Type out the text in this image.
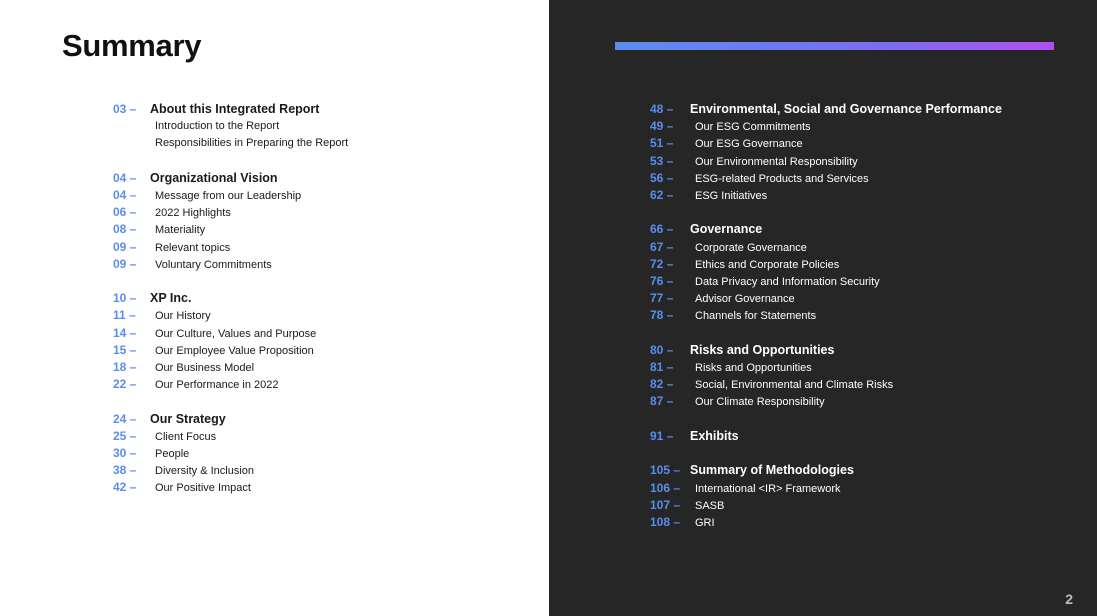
Summary
03 – About this Integrated Report
Introduction to the Report
Responsibilities in Preparing the Report
04 – Organizational Vision
04 – Message from our Leadership
06 – 2022 Highlights
08 – Materiality
09 – Relevant topics
09 – Voluntary Commitments
10 – XP Inc.
11 – Our History
14 – Our Culture, Values and Purpose
15 – Our Employee Value Proposition
18 – Our Business Model
22 – Our Performance in 2022
24 – Our Strategy
25 – Client Focus
30 – People
38 – Diversity & Inclusion
42 – Our Positive Impact
48 – Environmental, Social and Governance Performance
49 – Our ESG Commitments
51 – Our ESG Governance
53 – Our Environmental Responsibility
56 – ESG-related Products and Services
62 – ESG Initiatives
66 – Governance
67 – Corporate Governance
72 – Ethics and Corporate Policies
76 – Data Privacy and Information Security
77 – Advisor Governance
78 – Channels for Statements
80 – Risks and Opportunities
81 – Risks and Opportunities
82 – Social, Environmental and Climate Risks
87 – Our Climate Responsibility
91 – Exhibits
105 – Summary of Methodologies
106 – International <IR> Framework
107 – SASB
108 – GRI
2
